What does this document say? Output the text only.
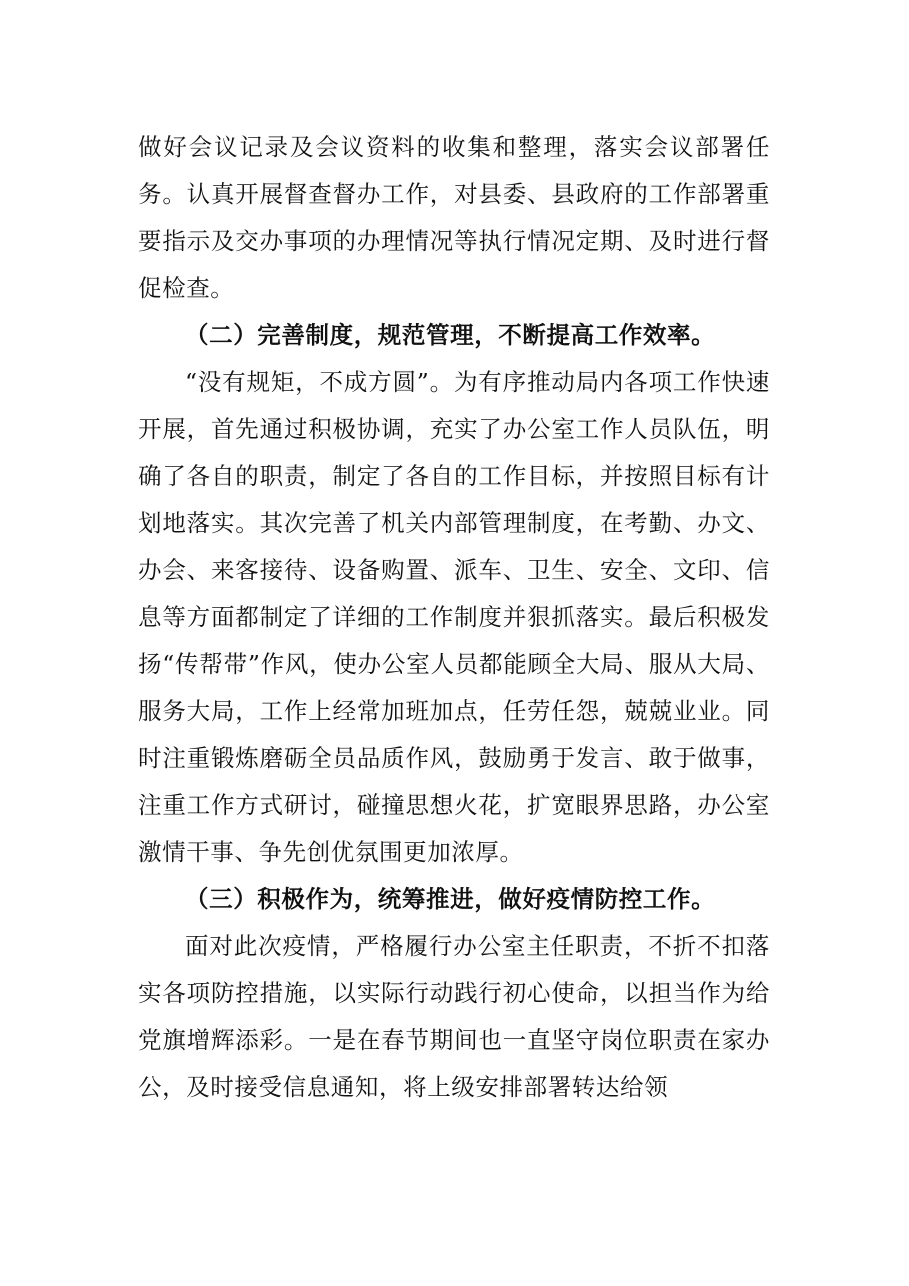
做好会议记录及会议资料的收集和整理，落实会议部署任务。认真开展督查督办工作，对县委、县政府的工作部署重要指示及交办事项的办理情况等执行情况定期、及时进行督促检查。

（二）完善制度，规范管理，不断提高工作效率。

“没有规矩，不成方圆”。为有序推动局内各项工作快速开展，首先通过积极协调，充实了办公室工作人员队伍，明确了各自的职责，制定了各自的工作目标，并按照目标有计划地落实。其次完善了机关内部管理制度，在考勤、办文、办会、来客接待、设备购置、派车、卫生、安全、文印、信息等方面都制定了详细的工作制度并狠抓落实。最后积极发扬“传帮带”作风，使办公室人员都能顾全大局、服从大局、服务大局，工作上经常加班加点，任劳任怨，兢兢业业。同时注重锻炼磨砺全员品质作风，鼓励勇于发言、敢于做事，注重工作方式研讨，碰撞思想火花，扩宽眼界思路，办公室激情干事、争先创优氛围更加浓厚。

（三）积极作为，统筹推进，做好疫情防控工作。

面对此次疫情，严格履行办公室主任职责，不折不扣落实各项防控措施，以实际行动践行初心使命，以担当作为给党旗增辉添彩。一是在春节期间也一直坚守岗位职责在家办公，及时接受信息通知，将上级安排部署转达给领
